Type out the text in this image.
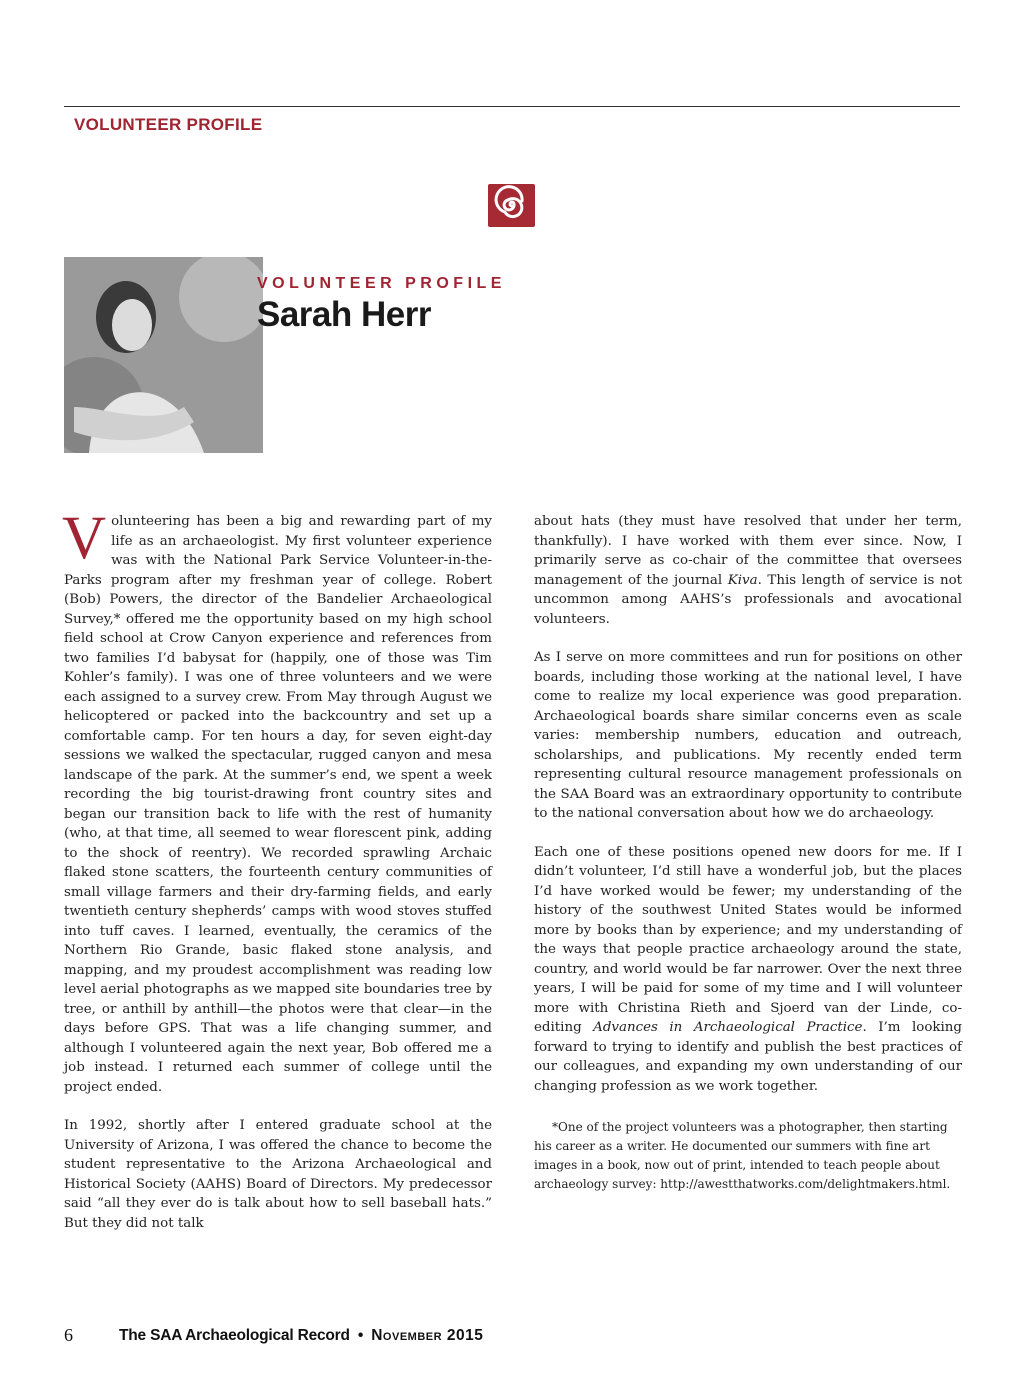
VOLUNTEER PROFILE

VOLUNTEER PROFILE

Sarah Herr

Volunteering has been a big and rewarding part of my life as an archaeologist. My first volunteer experience was with the National Park Service Volunteer-in-the-Parks program after my freshman year of college. Robert (Bob) Powers, the director of the Bandelier Archaeological Survey,* offered me the opportunity based on my high school field school at Crow Canyon experience and references from two families I’d babysat for (happily, one of those was Tim Kohler’s family). I was one of three volunteers and we were each assigned to a survey crew. From May through August we helicoptered or packed into the backcountry and set up a comfortable camp. For ten hours a day, for seven eight-day sessions we walked the spectacular, rugged canyon and mesa landscape of the park. At the summer’s end, we spent a week recording the big tourist-drawing front country sites and began our transition back to life with the rest of humanity (who, at that time, all seemed to wear florescent pink, adding to the shock of reentry). We recorded sprawling Archaic flaked stone scatters, the fourteenth century communities of small village farmers and their dry-farming fields, and early twentieth century shepherds’ camps with wood stoves stuffed into tuff caves. I learned, eventually, the ceramics of the Northern Rio Grande, basic flaked stone analysis, and mapping, and my proudest accomplishment was reading low level aerial photographs as we mapped site boundaries tree by tree, or anthill by anthill—the photos were that clear—in the days before GPS. That was a life changing summer, and although I volunteered again the next year, Bob offered me a job instead. I returned each summer of college until the project ended.

In 1992, shortly after I entered graduate school at the University of Arizona, I was offered the chance to become the student representative to the Arizona Archaeological and Historical Society (AAHS) Board of Directors. My predecessor said “all they ever do is talk about how to sell baseball hats.” But they did not talk

about hats (they must have resolved that under her term, thankfully). I have worked with them ever since. Now, I primarily serve as co-chair of the committee that oversees management of the journal Kiva. This length of service is not uncommon among AAHS’s professionals and avocational volunteers.

As I serve on more committees and run for positions on other boards, including those working at the national level, I have come to realize my local experience was good preparation. Archaeological boards share similar concerns even as scale varies: membership numbers, education and outreach, scholarships, and publications. My recently ended term representing cultural resource management professionals on the SAA Board was an extraordinary opportunity to contribute to the national conversation about how we do archaeology.

Each one of these positions opened new doors for me. If I didn’t volunteer, I’d still have a wonderful job, but the places I’d have worked would be fewer; my understanding of the history of the southwest United States would be informed more by books than by experience; and my understanding of the ways that people practice archaeology around the state, country, and world would be far narrower. Over the next three years, I will be paid for some of my time and I will volunteer more with Christina Rieth and Sjoerd van der Linde, co-editing Advances in Archaeological Practice. I’m looking forward to trying to identify and publish the best practices of our colleagues, and expanding my own understanding of our changing profession as we work together.

*One of the project volunteers was a photographer, then starting
his career as a writer. He documented our summers with fine art
images in a book, now out of print, intended to teach people about
archaeology survey: http://awestthatworks.com/delightmakers.html.
6	The SAA Archaeological Record • November 2015
